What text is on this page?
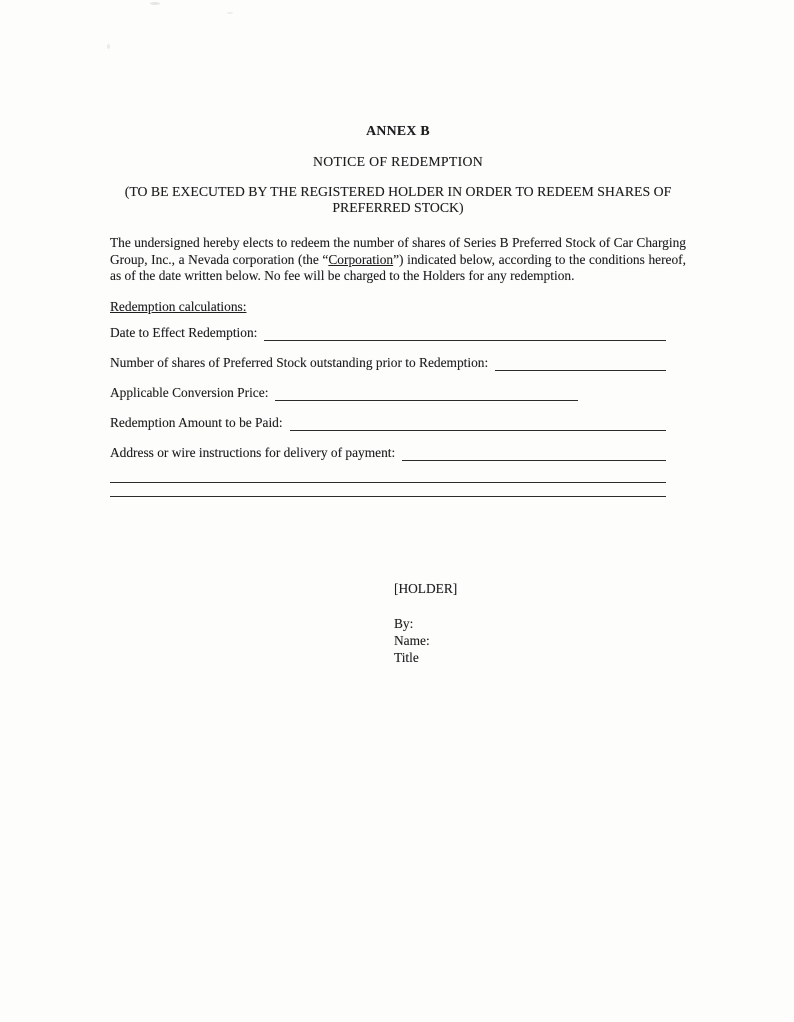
ANNEX B
NOTICE OF REDEMPTION
(TO BE EXECUTED BY THE REGISTERED HOLDER IN ORDER TO REDEEM SHARES OF PREFERRED STOCK)

The undersigned hereby elects to redeem the number of shares of Series B Preferred Stock of Car Charging Group, Inc., a Nevada corporation (the “Corporation”) indicated below, according to the conditions hereof, as of the date written below. No fee will be charged to the Holders for any redemption.

Redemption calculations:
Date to Effect Redemption:
Number of shares of Preferred Stock outstanding prior to Redemption:
Applicable Conversion Price:
Redemption Amount to be Paid:
Address or wire instructions for delivery of payment:
[HOLDER]
By:
Name:
Title
